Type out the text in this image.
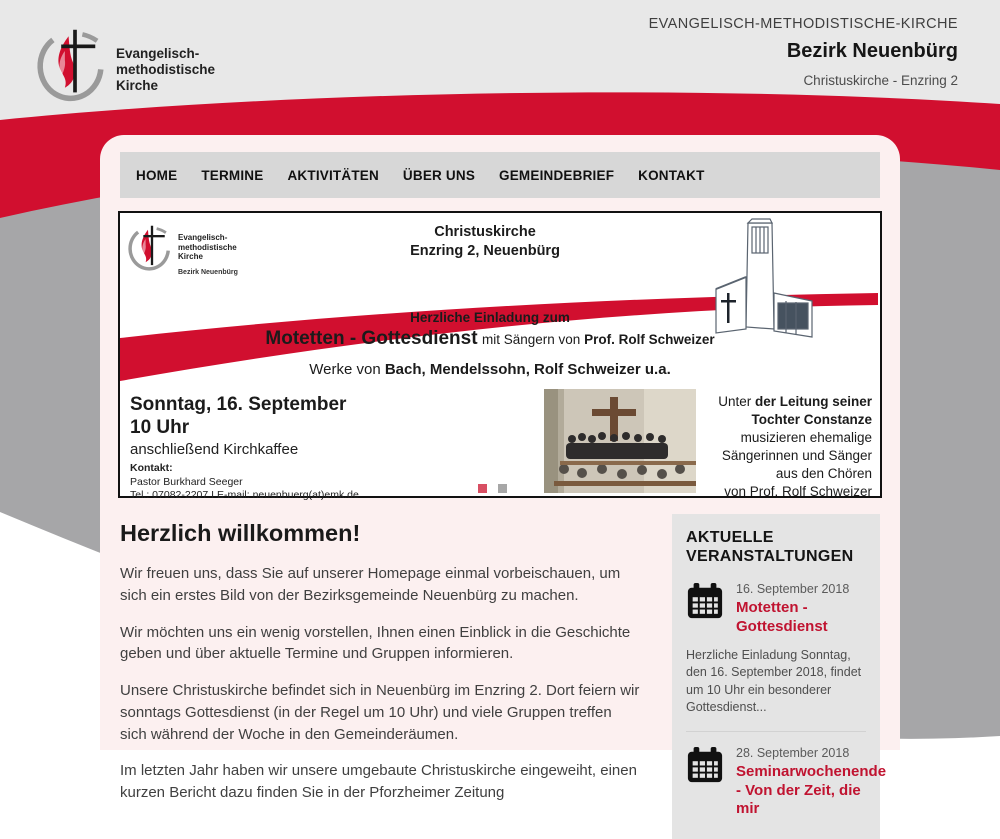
Evangelisch-
methodistische
Kirche
EVANGELISCH-METHODISTISCHE-KIRCHE
Bezirk Neuenbürg
Christuskirche - Enzring 2
HOME TERMINE AKTIVITÄTEN ÜBER UNS GEMEINDEBRIEF KONTAKT
Evangelisch-
methodistische
Kirche
Bezirk Neuenbürg
Christuskirche
Enzring 2, Neuenbürg
Herzliche Einladung zum
Motetten - Gottesdienst mit Sängern von Prof. Rolf Schweizer
Werke von Bach, Mendelssohn, Rolf Schweizer u.a.
Sonntag, 16. September
10 Uhr
anschließend Kirchkaffee
Kontakt:
Pastor Burkhard Seeger
Tel.: 07082-2207 I E-mail: neuenbuerg(at)emk.de
Unter der Leitung seiner
Tochter Constanze
musizieren ehemalige
Sängerinnen und Sänger
aus den Chören
von Prof. Rolf Schweizer
Herzlich willkommen!

Wir freuen uns, dass Sie auf unserer Homepage einmal vorbeischauen, um sich ein erstes Bild von der Bezirksgemeinde Neuenbürg zu machen.

Wir möchten uns ein wenig vorstellen, Ihnen einen Einblick in die Geschichte geben und über aktuelle Termine und Gruppen informieren.

Unsere Christuskirche befindet sich in Neuenbürg im Enzring 2. Dort feiern wir sonntags Gottesdienst (in der Regel um 10 Uhr) und viele Gruppen treffen sich während der Woche in den Gemeinderäumen.

Im letzten Jahr haben wir unsere umgebaute Christuskirche eingeweiht, einen kurzen Bericht dazu finden Sie in der Pforzheimer Zeitung

AKTUELLE VERANSTALTUNGEN
16. September 2018
Motetten - Gottesdienst
Herzliche Einladung Sonntag, den 16. September 2018, findet um 10 Uhr ein besonderer Gottesdienst...
28. September 2018
Seminarwochenende - Von der Zeit, die mir
